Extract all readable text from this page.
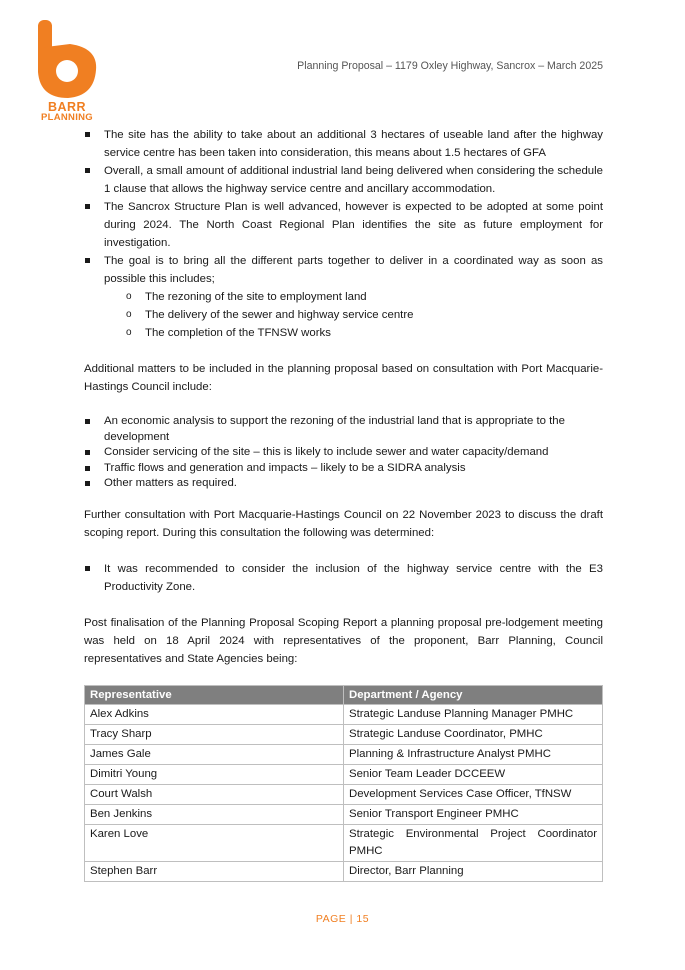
BARR
PLANNING
Planning Proposal – 1179 Oxley Highway, Sancrox – March 2025
The site has the ability to take about an additional 3 hectares of useable land after the highway service centre has been taken into consideration, this means about 1.5 hectares of GFA
Overall, a small amount of additional industrial land being delivered when considering the schedule 1 clause that allows the highway service centre and ancillary accommodation.
The Sancrox Structure Plan is well advanced, however is expected to be adopted at some point during 2024. The North Coast Regional Plan identifies the site as future employment for investigation.
The goal is to bring all the different parts together to deliver in a coordinated way as soon as possible this includes;
o The rezoning of the site to employment land
o The delivery of the sewer and highway service centre
o The completion of the TFNSW works

Additional matters to be included in the planning proposal based on consultation with Port Macquarie-Hastings Council include:

An economic analysis to support the rezoning of the industrial land that is appropriate to the development
Consider servicing of the site – this is likely to include sewer and water capacity/demand
Traffic flows and generation and impacts – likely to be a SIDRA analysis
Other matters as required.

Further consultation with Port Macquarie-Hastings Council on 22 November 2023 to discuss the draft scoping report. During this consultation the following was determined:

It was recommended to consider the inclusion of the highway service centre with the E3 Productivity Zone.

Post finalisation of the Planning Proposal Scoping Report a planning proposal pre-lodgement meeting was held on 18 April 2024 with representatives of the proponent, Barr Planning, Council representatives and State Agencies being:

Representative	Department / Agency
Alex Adkins	Strategic Landuse Planning Manager PMHC
Tracy Sharp	Strategic Landuse Coordinator, PMHC
James Gale	Planning & Infrastructure Analyst PMHC
Dimitri Young	Senior Team Leader DCCEEW
Court Walsh	Development Services Case Officer, TfNSW
Ben Jenkins	Senior Transport Engineer PMHC
Karen Love	Strategic Environmental Project Coordinator PMHC
Stephen Barr	Director, Barr Planning
PAGE | 15
